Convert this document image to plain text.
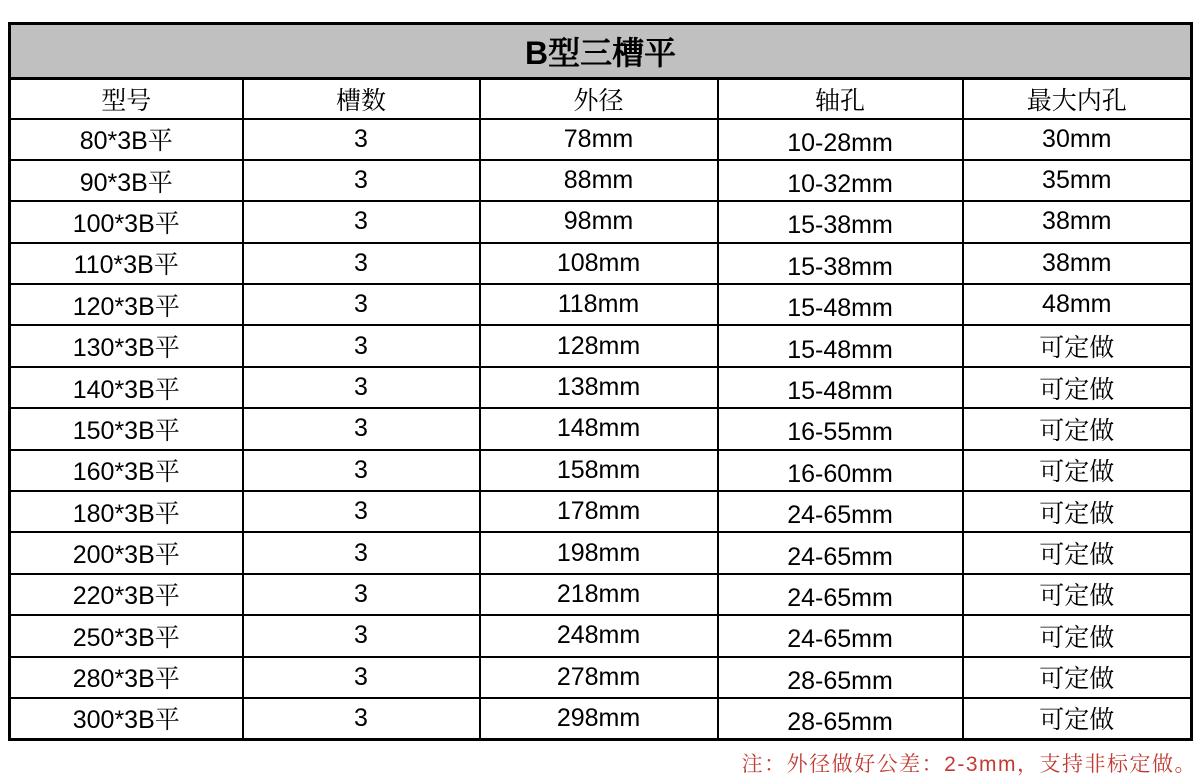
B型三槽平				
型号	槽数	外径	轴孔	最大内孔
80*3B平	3	78mm	10-28mm	30mm
90*3B平	3	88mm	10-32mm	35mm
100*3B平	3	98mm	15-38mm	38mm
110*3B平	3	108mm	15-38mm	38mm
120*3B平	3	118mm	15-48mm	48mm
130*3B平	3	128mm	15-48mm	可定做
140*3B平	3	138mm	15-48mm	可定做
150*3B平	3	148mm	16-55mm	可定做
160*3B平	3	158mm	16-60mm	可定做
180*3B平	3	178mm	24-65mm	可定做
200*3B平	3	198mm	24-65mm	可定做
220*3B平	3	218mm	24-65mm	可定做
250*3B平	3	248mm	24-65mm	可定做
280*3B平	3	278mm	28-65mm	可定做
300*3B平	3	298mm	28-65mm	可定做
注：外径做好公差：2-3mm，支持非标定做。
